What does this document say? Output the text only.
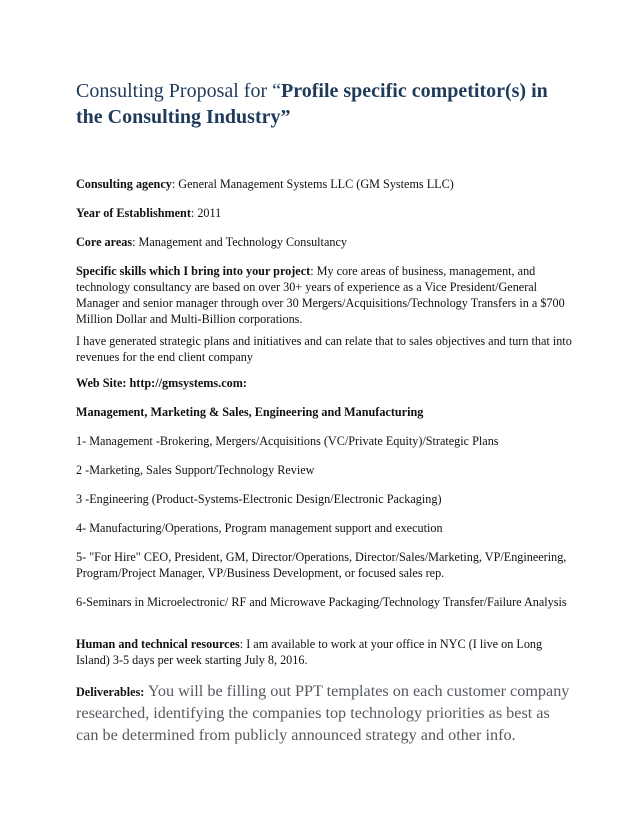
Consulting Proposal for “Profile specific competitor(s) in the Consulting Industry”

Consulting agency: General Management Systems LLC (GM Systems LLC)

Year of Establishment: 2011

Core areas: Management and Technology Consultancy

Specific skills which I bring into your project: My core areas of business, management, and technology consultancy are based on over 30+ years of experience as a Vice President/General Manager and senior manager through over 30 Mergers/Acquisitions/Technology Transfers in a $700 Million Dollar and Multi-Billion corporations.

I have generated strategic plans and initiatives and can relate that to sales objectives and turn that into revenues for the end client company

Web Site: http://gmsystems.com:

Management, Marketing & Sales, Engineering and Manufacturing

1- Management -Brokering, Mergers/Acquisitions (VC/Private Equity)/Strategic Plans

2 -Marketing, Sales Support/Technology Review

3 -Engineering (Product-Systems-Electronic Design/Electronic Packaging)

4- Manufacturing/Operations, Program management support and execution

5- "For Hire" CEO, President, GM, Director/Operations, Director/Sales/Marketing, VP/Engineering, Program/Project Manager, VP/Business Development, or focused sales rep.

6-Seminars in Microelectronic/ RF and Microwave Packaging/Technology Transfer/Failure Analysis

Human and technical resources: I am available to work at your office in NYC (I live on Long Island) 3-5 days per week starting July 8, 2016.

Deliverables: You will be filling out PPT templates on each customer company researched, identifying the companies top technology priorities as best as can be determined from publicly announced strategy and other info.
